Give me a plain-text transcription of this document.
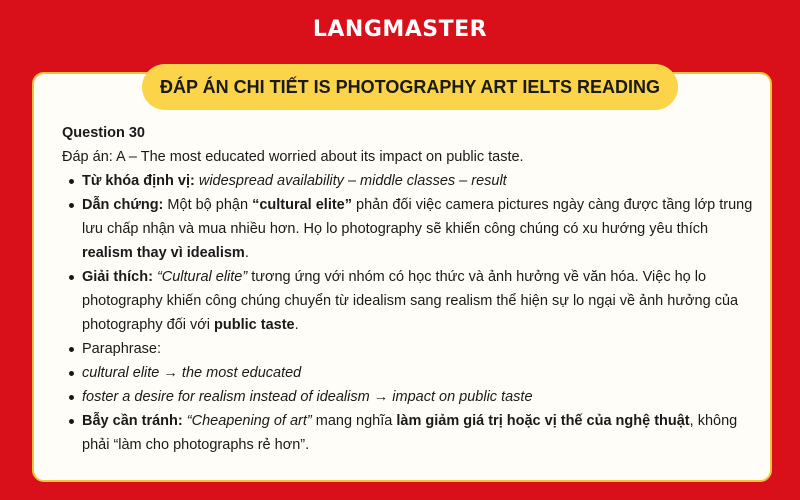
LANGMASTER
ĐÁP ÁN CHI TIẾT IS PHOTOGRAPHY ART IELTS READING
Question 30
Đáp án: A – The most educated worried about its impact on public taste.
Từ khóa định vị: widespread availability – middle classes – result
Dẫn chứng: Một bộ phận “cultural elite” phản đối việc camera pictures ngày càng được tầng lớp trung lưu chấp nhận và mua nhiều hơn. Họ lo photography sẽ khiến công chúng có xu hướng yêu thích realism thay vì idealism.
Giải thích: “Cultural elite” tương ứng với nhóm có học thức và ảnh hưởng về văn hóa. Việc họ lo photography khiến công chúng chuyển từ idealism sang realism thể hiện sự lo ngại về ảnh hưởng của photography đối với public taste.
Paraphrase:
cultural elite → the most educated
foster a desire for realism instead of idealism → impact on public taste
Bẫy cần tránh: “Cheapening of art” mang nghĩa làm giảm giá trị hoặc vị thế của nghệ thuật, không phải “làm cho photographs rẻ hơn”.
